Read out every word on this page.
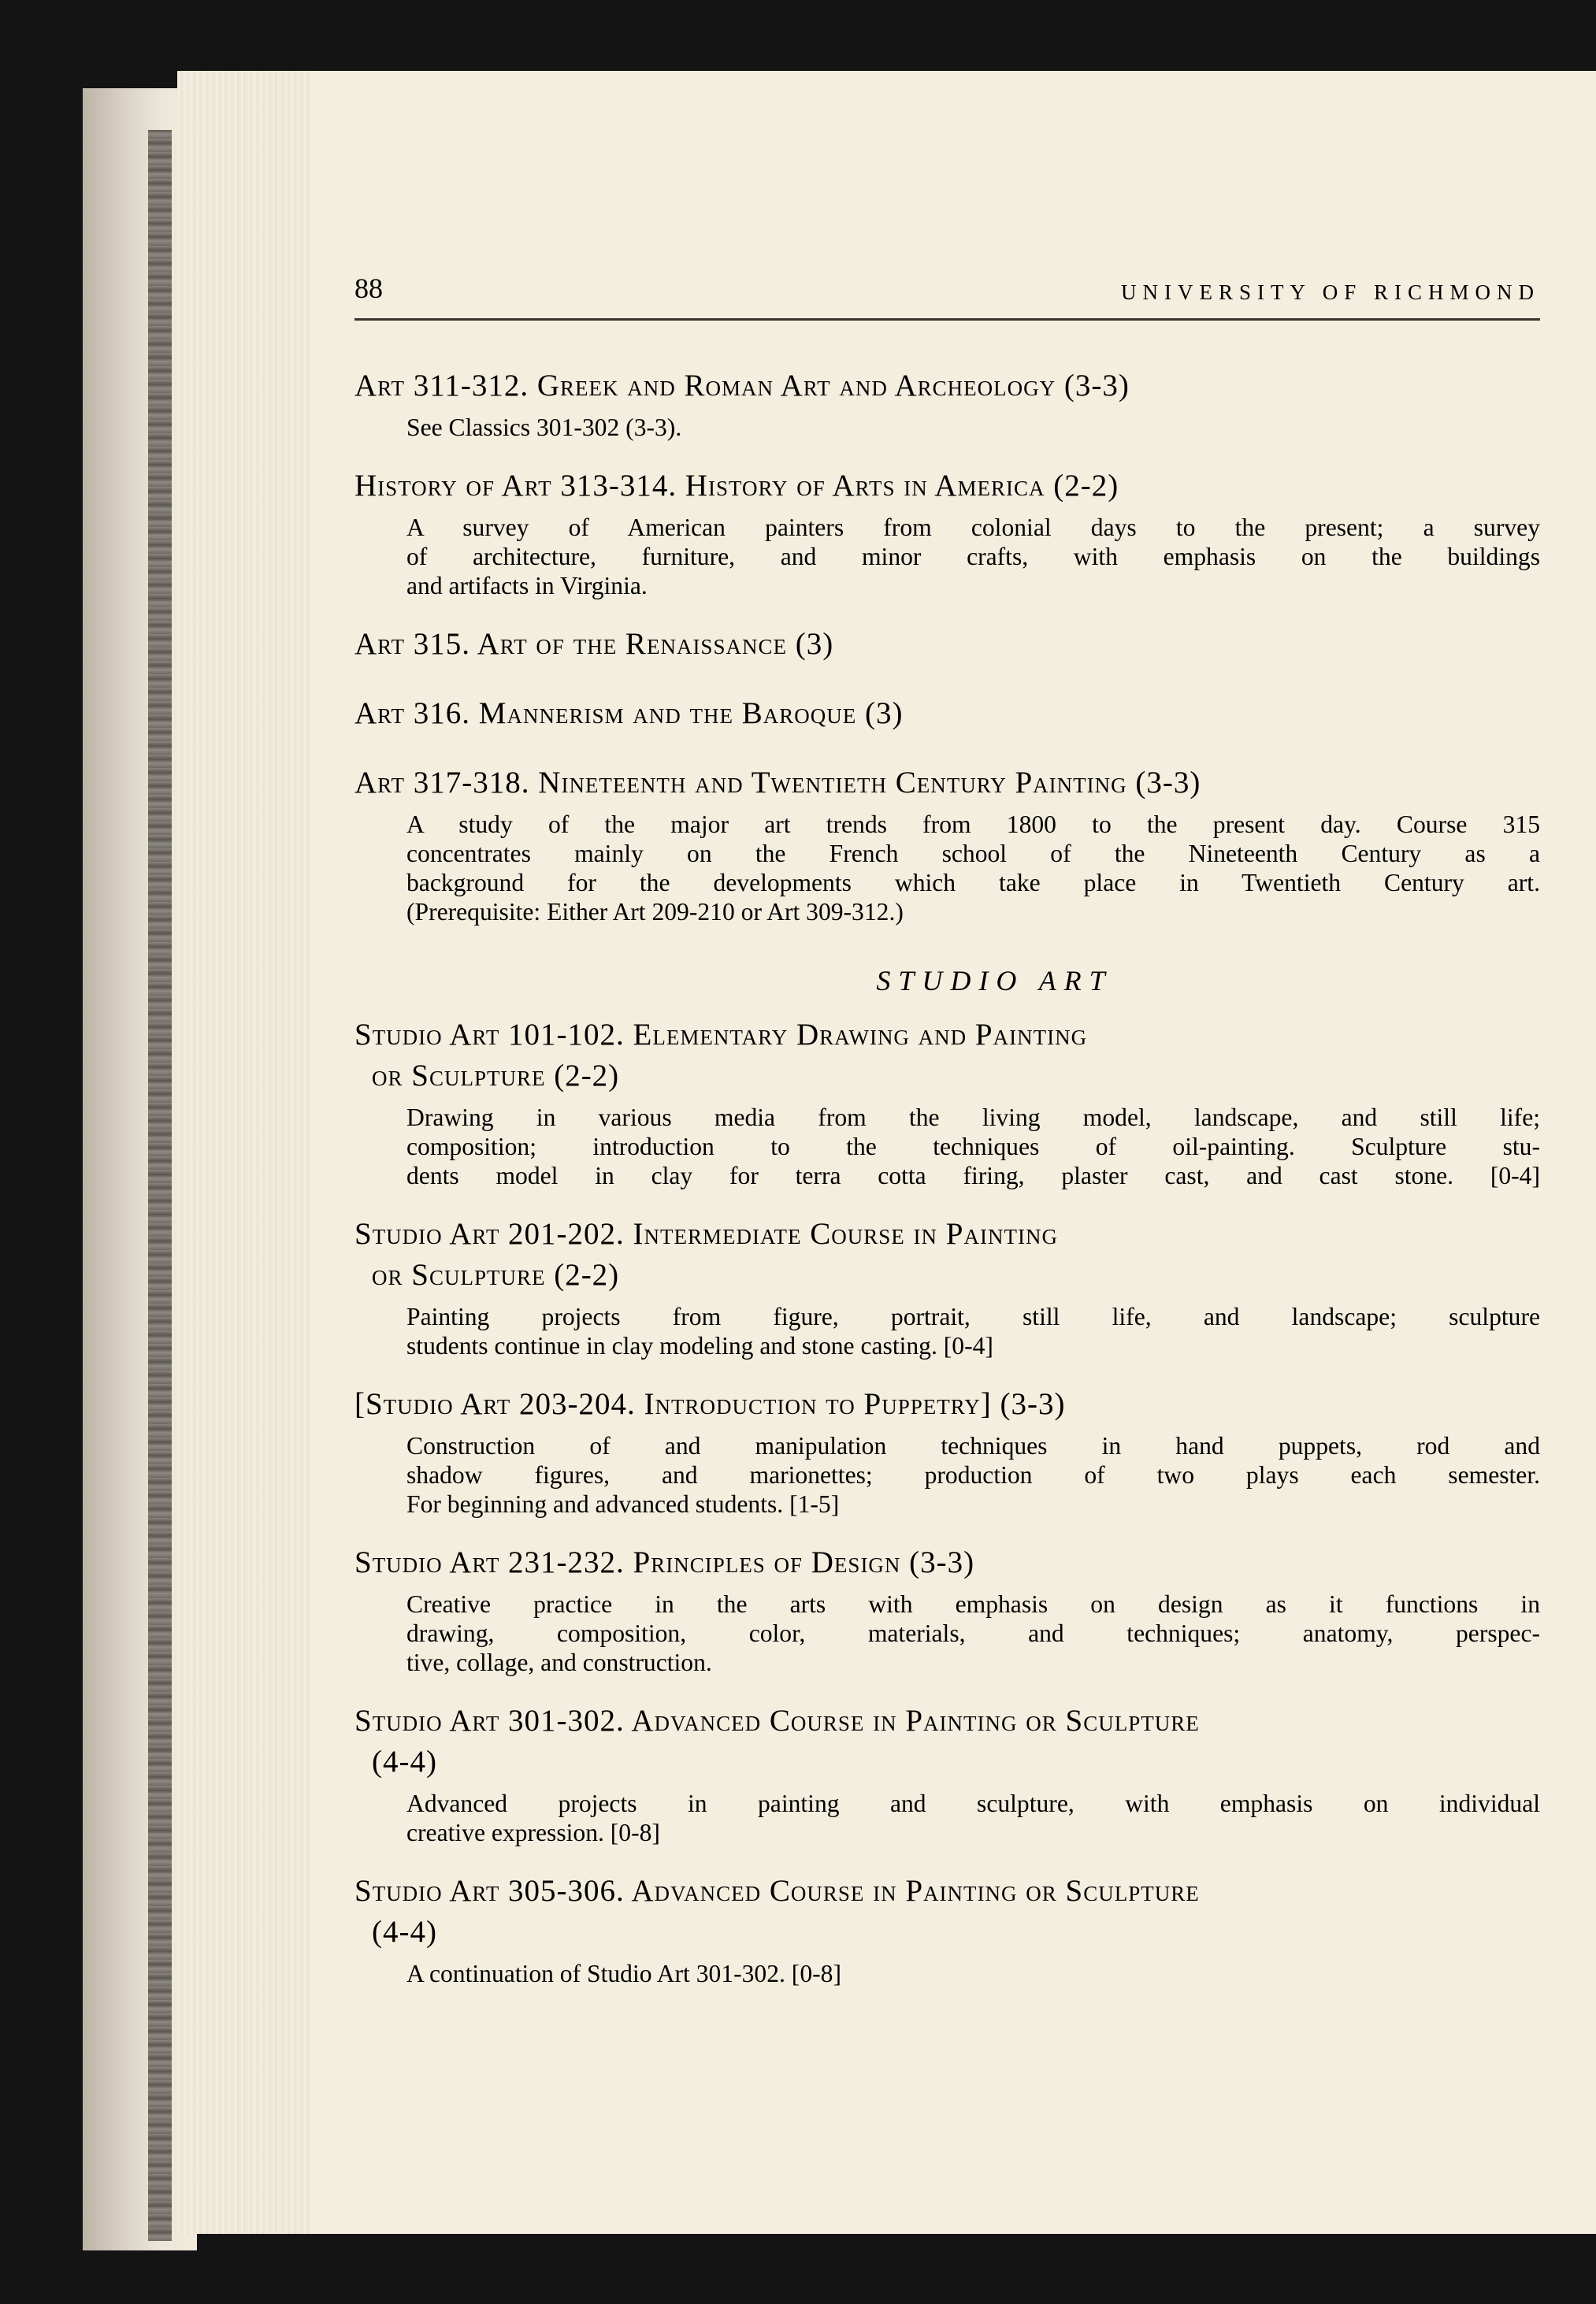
88	UNIVERSITY OF RICHMOND
Art 311-312. Greek and Roman Art and Archeology (3-3)
See Classics 301-302 (3-3).
History of Art 313-314. History of Arts in America (2-2)
A survey of American painters from colonial days to the present; a survey
of architecture, furniture, and minor crafts, with emphasis on the buildings
and artifacts in Virginia.
Art 315. Art of the Renaissance (3)
Art 316. Mannerism and the Baroque (3)
Art 317-318. Nineteenth and Twentieth Century Painting (3-3)
A study of the major art trends from 1800 to the present day. Course 315
concentrates mainly on the French school of the Nineteenth Century as a
background for the developments which take place in Twentieth Century art.
(Prerequisite: Either Art 209-210 or Art 309-312.)
STUDIO ART
Studio Art 101-102. Elementary Drawing and Painting
or Sculpture (2-2)
Drawing in various media from the living model, landscape, and still life;
composition; introduction to the techniques of oil-painting. Sculpture stu-
dents model in clay for terra cotta firing, plaster cast, and cast stone. [0-4]
Studio Art 201-202. Intermediate Course in Painting
or Sculpture (2-2)
Painting projects from figure, portrait, still life, and landscape; sculpture
students continue in clay modeling and stone casting. [0-4]
[Studio Art 203-204. Introduction to Puppetry] (3-3)
Construction of and manipulation techniques in hand puppets, rod and
shadow figures, and marionettes; production of two plays each semester.
For beginning and advanced students. [1-5]
Studio Art 231-232. Principles of Design (3-3)
Creative practice in the arts with emphasis on design as it functions in
drawing, composition, color, materials, and techniques; anatomy, perspec-
tive, collage, and construction.
Studio Art 301-302. Advanced Course in Painting or Sculpture
(4-4)
Advanced projects in painting and sculpture, with emphasis on individual
creative expression. [0-8]
Studio Art 305-306. Advanced Course in Painting or Sculpture
(4-4)
A continuation of Studio Art 301-302. [0-8]
